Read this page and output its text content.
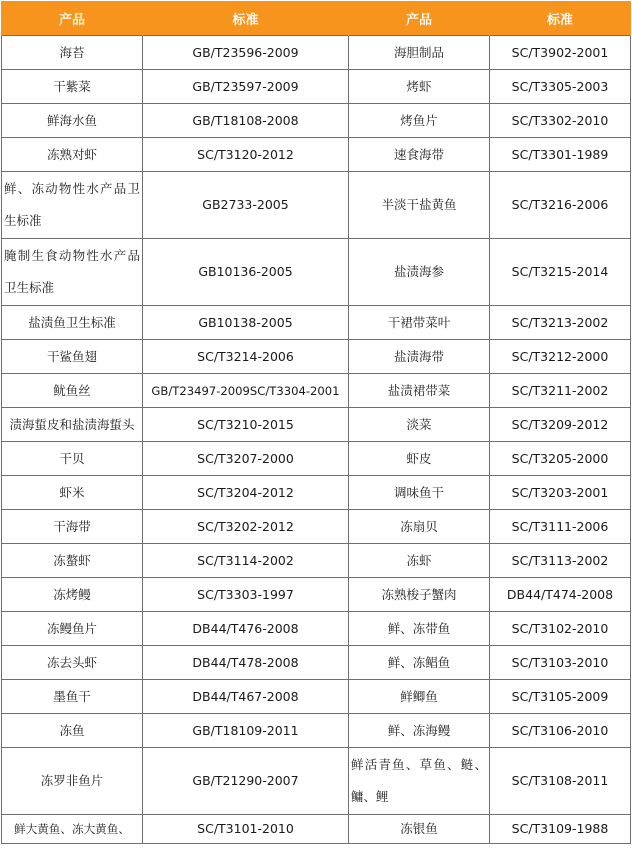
产品	标准	产品	标准
海苔	GB/T23596-2009	海胆制品	SC/T3902-2001
干紫菜	GB/T23597-2009	烤虾	SC/T3305-2003
鲜海水鱼	GB/T18108-2008	烤鱼片	SC/T3302-2010
冻熟对虾	SC/T3120-2012	速食海带	SC/T3301-1989
鲜、冻动物性水产品卫生标准	GB2733-2005	半淡干盐黄鱼	SC/T3216-2006
腌制生食动物性水产品卫生标准	GB10136-2005	盐渍海参	SC/T3215-2014
盐渍鱼卫生标准	GB10138-2005	干裙带菜叶	SC/T3213-2002
干鲨鱼翅	SC/T3214-2006	盐渍海带	SC/T3212-2000
鱿鱼丝	GB/T23497-2009SC/T3304-2001	盐渍裙带菜	SC/T3211-2002
渍海蜇皮和盐渍海蜇头	SC/T3210-2015	淡菜	SC/T3209-2012
干贝	SC/T3207-2000	虾皮	SC/T3205-2000
虾米	SC/T3204-2012	调味鱼干	SC/T3203-2001
干海带	SC/T3202-2012	冻扇贝	SC/T3111-2006
冻螯虾	SC/T3114-2002	冻虾	SC/T3113-2002
冻烤鳗	SC/T3303-1997	冻熟梭子蟹肉	DB44/T474-2008
冻鳗鱼片	DB44/T476-2008	鲜、冻带鱼	SC/T3102-2010
冻去头虾	DB44/T478-2008	鲜、冻鲳鱼	SC/T3103-2010
墨鱼干	DB44/T467-2008	鲜鲫鱼	SC/T3105-2009
冻鱼	GB/T18109-2011	鲜、冻海鳗	SC/T3106-2010
冻罗非鱼片	GB/T21290-2007	鲜活青鱼、草鱼、鲢、鳙、鲤	SC/T3108-2011
鲜大黄鱼、冻大黄鱼、	SC/T3101-2010	冻银鱼	SC/T3109-1988
